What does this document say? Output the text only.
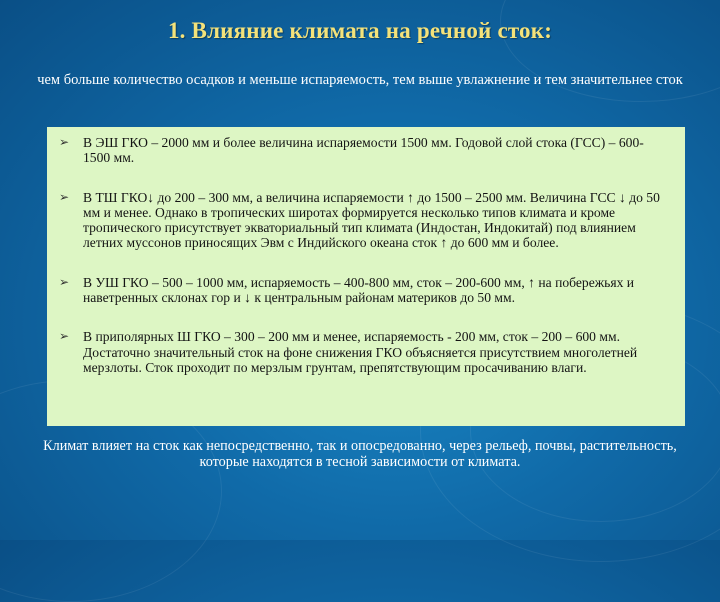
1. Влияние климата на речной сток:
чем больше количество осадков и меньше испаряемость, тем выше увлажнение и тем значительнее сток
➢	В ЭШ ГКО – 2000 мм и более величина испаряемости 1500 мм. Годовой слой стока (ГСС) – 600-1500 мм.
➢	В ТШ ГКО↓ до 200 – 300 мм, а величина испаряемости ↑ до 1500 – 2500 мм. Величина ГСС ↓ до 50 мм и менее. Однако в тропических широтах формируется несколько типов климата и кроме тропического присутствует экваториальный тип климата (Индостан, Индокитай) под влиянием летних муссонов приносящих Эвм с Индийского океана сток ↑ до 600 мм и более.
➢	В УШ ГКО – 500 – 1000 мм, испаряемость – 400-800 мм, сток – 200-600 мм, ↑ на побережьях и наветренных склонах гор и ↓ к центральным районам материков до 50 мм.
➢	В приполярных Ш ГКО – 300 – 200 мм и менее, испаряемость - 200 мм, сток – 200 – 600 мм. Достаточно значительный сток на фоне снижения ГКО объясняется присутствием многолетней мерзлоты. Сток проходит по мерзлым грунтам, препятствующим просачиванию влаги.
Климат влияет на сток как непосредственно, так и опосредованно, через рельеф, почвы, растительность, которые находятся в тесной зависимости от климата.
